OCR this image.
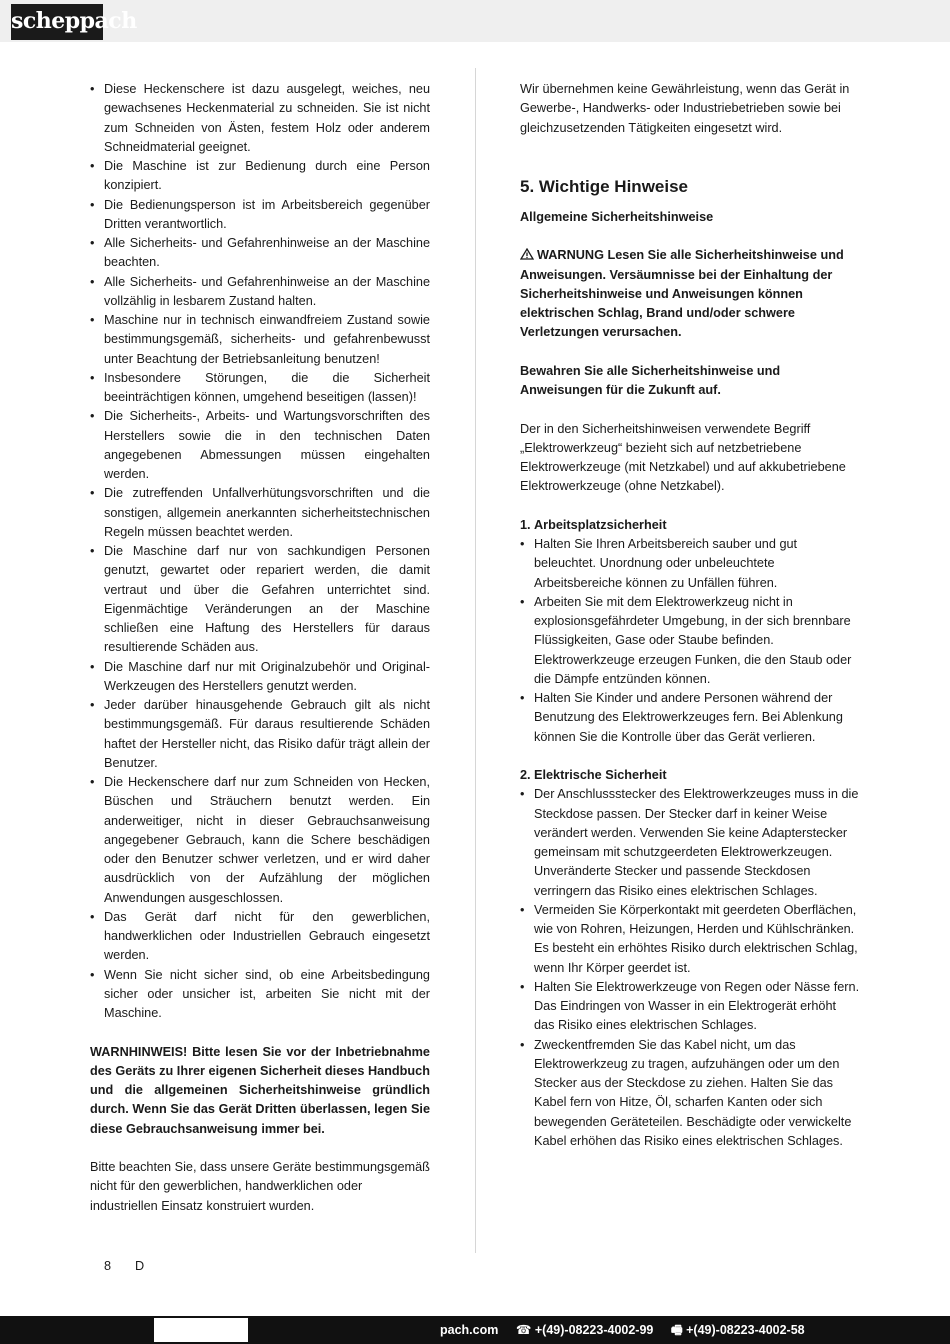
scheppach
• Diese Heckenschere ist dazu ausgelegt, weiches, neu gewachsenes Heckenmaterial zu schneiden. Sie ist nicht zum Schneiden von Ästen, festem Holz oder anderem Schneidmaterial geeignet.
• Die Maschine ist zur Bedienung durch eine Person konzipiert.
• Die Bedienungsperson ist im Arbeitsbereich gegenüber Dritten verantwortlich.
• Alle Sicherheits- und Gefahrenhinweise an der Maschine beachten.
• Alle Sicherheits- und Gefahrenhinweise an der Maschine vollzählig in lesbarem Zustand halten.
• Maschine nur in technisch einwandfreiem Zustand sowie bestimmungsgemäß, sicherheits- und gefahrenbewusst unter Beachtung der Betriebsanleitung benutzen!
• Insbesondere Störungen, die die Sicherheit beeinträchtigen können, umgehend beseitigen (lassen)!
• Die Sicherheits-, Arbeits- und Wartungsvorschriften des Herstellers sowie die in den technischen Daten angegebenen Abmessungen müssen eingehalten werden.
• Die zutreffenden Unfallverhütungsvorschriften und die sonstigen, allgemein anerkannten sicherheitstechnischen Regeln müssen beachtet werden.
• Die Maschine darf nur von sachkundigen Personen genutzt, gewartet oder repariert werden, die damit vertraut und über die Gefahren unterrichtet sind. Eigenmächtige Veränderungen an der Maschine schließen eine Haftung des Herstellers für daraus resultierende Schäden aus.
• Die Maschine darf nur mit Originalzubehör und Original- Werkzeugen des Herstellers genutzt werden.
• Jeder darüber hinausgehende Gebrauch gilt als nicht bestimmungsgemäß. Für daraus resultierende Schäden haftet der Hersteller nicht, das Risiko dafür trägt allein der Benutzer.
• Die Heckenschere darf nur zum Schneiden von Hecken, Büschen und Sträuchern benutzt werden. Ein anderweitiger, nicht in dieser Gebrauchsanweisung angegebener Gebrauch, kann die Schere beschädigen oder den Benutzer schwer verletzen, und er wird daher ausdrücklich von der Aufzählung der möglichen Anwendungen ausgeschlossen.
• Das Gerät darf nicht für den gewerblichen, handwerklichen oder Industriellen Gebrauch eingesetzt werden.
• Wenn Sie nicht sicher sind, ob eine Arbeitsbedingung sicher oder unsicher ist, arbeiten Sie nicht mit der Maschine.

WARNHINWEIS! Bitte lesen Sie vor der Inbetriebnahme des Geräts zu Ihrer eigenen Sicherheit dieses Handbuch und die allgemeinen Sicherheitshinweise gründlich durch. Wenn Sie das Gerät Dritten überlassen, legen Sie diese Gebrauchsanweisung immer bei.

Bitte beachten Sie, dass unsere Geräte bestimmungsgemäß nicht für den gewerblichen, handwerklichen oder industriellen Einsatz konstruiert wurden.

Wir übernehmen keine Gewährleistung, wenn das Gerät in Gewerbe-, Handwerks- oder Industriebetrieben sowie bei gleichzusetzenden Tätigkeiten eingesetzt wird.

5. Wichtige Hinweise

Allgemeine Sicherheitshinweise

WARNUNG Lesen Sie alle Sicherheitshinweise und Anweisungen. Versäumnisse bei der Einhaltung der Sicherheitshinweise und Anweisungen können elektrischen Schlag, Brand und/oder schwere Verletzungen verursachen.

Bewahren Sie alle Sicherheitshinweise und Anweisungen für die Zukunft auf.

Der in den Sicherheitshinweisen verwendete Begriff „Elektrowerkzeug“ bezieht sich auf netzbetriebene Elektrowerkzeuge (mit Netzkabel) und auf akkubetriebene Elektrowerkzeuge (ohne Netzkabel).

1. Arbeitsplatzsicherheit

• Halten Sie Ihren Arbeitsbereich sauber und gut beleuchtet. Unordnung oder unbeleuchtete Arbeitsbereiche können zu Unfällen führen.
• Arbeiten Sie mit dem Elektrowerkzeug nicht in explosionsgefährdeter Umgebung, in der sich brennbare Flüssigkeiten, Gase oder Staube befinden. Elektrowerkzeuge erzeugen Funken, die den Staub oder die Dämpfe entzünden können.
• Halten Sie Kinder und andere Personen während der Benutzung des Elektrowerkzeuges fern. Bei Ablenkung können Sie die Kontrolle über das Gerät verlieren.

2. Elektrische Sicherheit

• Der Anschlussstecker des Elektrowerkzeuges muss in die Steckdose passen. Der Stecker darf in keiner Weise verändert werden. Verwenden Sie keine Adapterstecker gemeinsam mit schutzgeerdeten Elektrowerkzeugen. Unveränderte Stecker und passende Steckdosen verringern das Risiko eines elektrischen Schlages.
• Vermeiden Sie Körperkontakt mit geerdeten Oberflächen, wie von Rohren, Heizungen, Herden und Kühlschränken. Es besteht ein erhöhtes Risiko durch elektrischen Schlag, wenn Ihr Körper geerdet ist.
• Halten Sie Elektrowerkzeuge von Regen oder Nässe fern. Das Eindringen von Wasser in ein Elektrogerät erhöht das Risiko eines elektrischen Schlages.
• Zweckentfremden Sie das Kabel nicht, um das Elektrowerkzeug zu tragen, aufzuhängen oder um den Stecker aus der Steckdose zu ziehen. Halten Sie das Kabel fern von Hitze, Öl, scharfen Kanten oder sich bewegenden Geräteteilen. Beschädigte oder verwickelte Kabel erhöhen das Risiko eines elektrischen Schlages.
8 D
pach.com ☎ +(49)-08223-4002-99 🖷 +(49)-08223-4002-58
